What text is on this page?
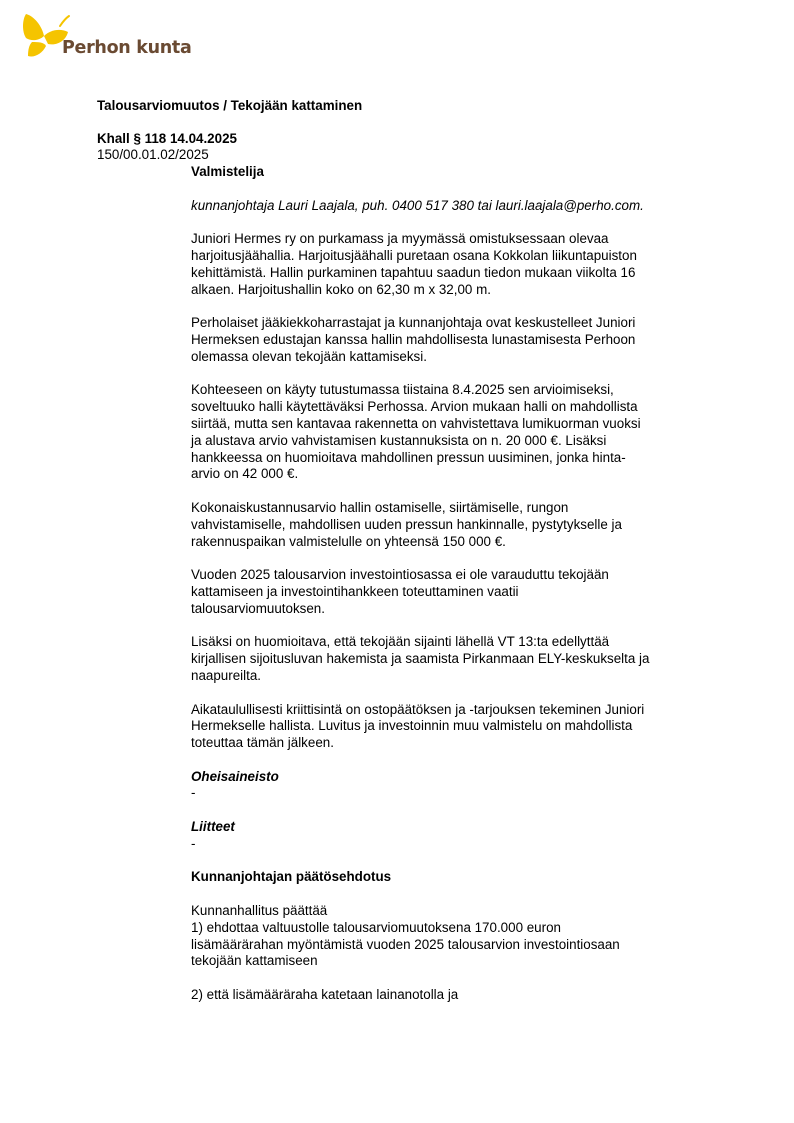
Perhon kunta

Talousarviomuutos / Tekojään kattaminen

Khall § 118 14.04.2025

150/00.01.02/2025

Valmistelija

kunnanjohtaja Lauri Laajala, puh. 0400 517 380 tai lauri.laajala@perho.com.

Juniori Hermes ry on purkamass ja myymässä omistuksessaan olevaa

harjoitusjäähallia. Harjoitusjäähalli puretaan osana Kokkolan liikuntapuiston

kehittämistä. Hallin purkaminen tapahtuu saadun tiedon mukaan viikolta 16

alkaen. Harjoitushallin koko on 62,30 m x 32,00 m.

Perholaiset jääkiekkoharrastajat ja kunnanjohtaja ovat keskustelleet Juniori

Hermeksen edustajan kanssa hallin mahdollisesta lunastamisesta Perhoon

olemassa olevan tekojään kattamiseksi.

Kohteeseen on käyty tutustumassa tiistaina 8.4.2025 sen arvioimiseksi,

soveltuuko halli käytettäväksi Perhossa. Arvion mukaan halli on mahdollista

siirtää, mutta sen kantavaa rakennetta on vahvistettava lumikuorman vuoksi

ja alustava arvio vahvistamisen kustannuksista on n. 20 000 €. Lisäksi

hankkeessa on huomioitava mahdollinen pressun uusiminen, jonka hinta-

arvio on 42 000 €.

Kokonaiskustannusarvio hallin ostamiselle, siirtämiselle, rungon

vahvistamiselle, mahdollisen uuden pressun hankinnalle, pystytykselle ja

rakennuspaikan valmistelulle on yhteensä 150 000 €.

Vuoden 2025 talousarvion investointiosassa ei ole varauduttu tekojään

kattamiseen ja investointihankkeen toteuttaminen vaatii

talousarviomuutoksen.

Lisäksi on huomioitava, että tekojään sijainti lähellä VT 13:ta edellyttää

kirjallisen sijoitusluvan hakemista ja saamista Pirkanmaan ELY-keskukselta ja

naapureilta.

Aikataulullisesti kriittisintä on ostopäätöksen ja -tarjouksen tekeminen Juniori

Hermekselle hallista. Luvitus ja investoinnin muu valmistelu on mahdollista

toteuttaa tämän jälkeen.

Oheisaineisto

-

Liitteet

-

Kunnanjohtajan päätösehdotus

Kunnanhallitus päättää

1) ehdottaa valtuustolle talousarviomuutoksena 170.000 euron

lisämäärärahan myöntämistä vuoden 2025 talousarvion investointiosaan

tekojään kattamiseen

2) että lisämääräraha katetaan lainanotolla ja
